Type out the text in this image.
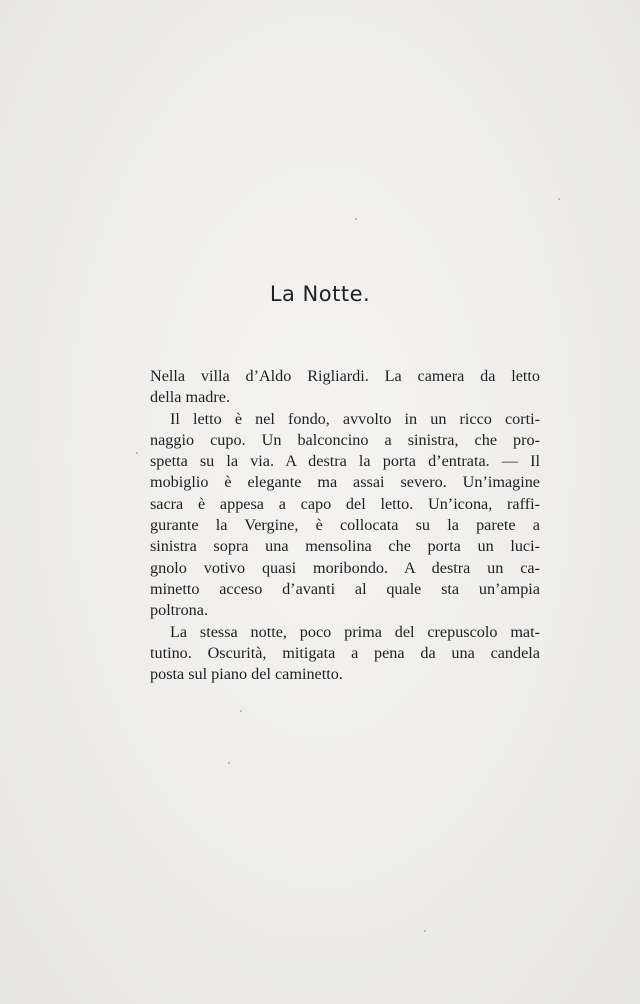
La Notte.
Nella villa d’Aldo Rigliardi. La camera da letto
della madre.
Il letto è nel fondo, avvolto in un ricco corti-
naggio cupo. Un balconcino a sinistra, che pro-
spetta su la via. A destra la porta d’entrata. — Il
mobiglio è elegante ma assai severo. Un’imagine
sacra è appesa a capo del letto. Un’icona, raffi-
gurante la Vergine, è collocata su la parete a
sinistra sopra una mensolina che porta un luci-
gnolo votivo quasi moribondo. A destra un ca-
minetto acceso d’avanti al quale sta un’ampia
poltrona.
La stessa notte, poco prima del crepuscolo mat-
tutino. Oscurità, mitigata a pena da una candela
posta sul piano del caminetto.
